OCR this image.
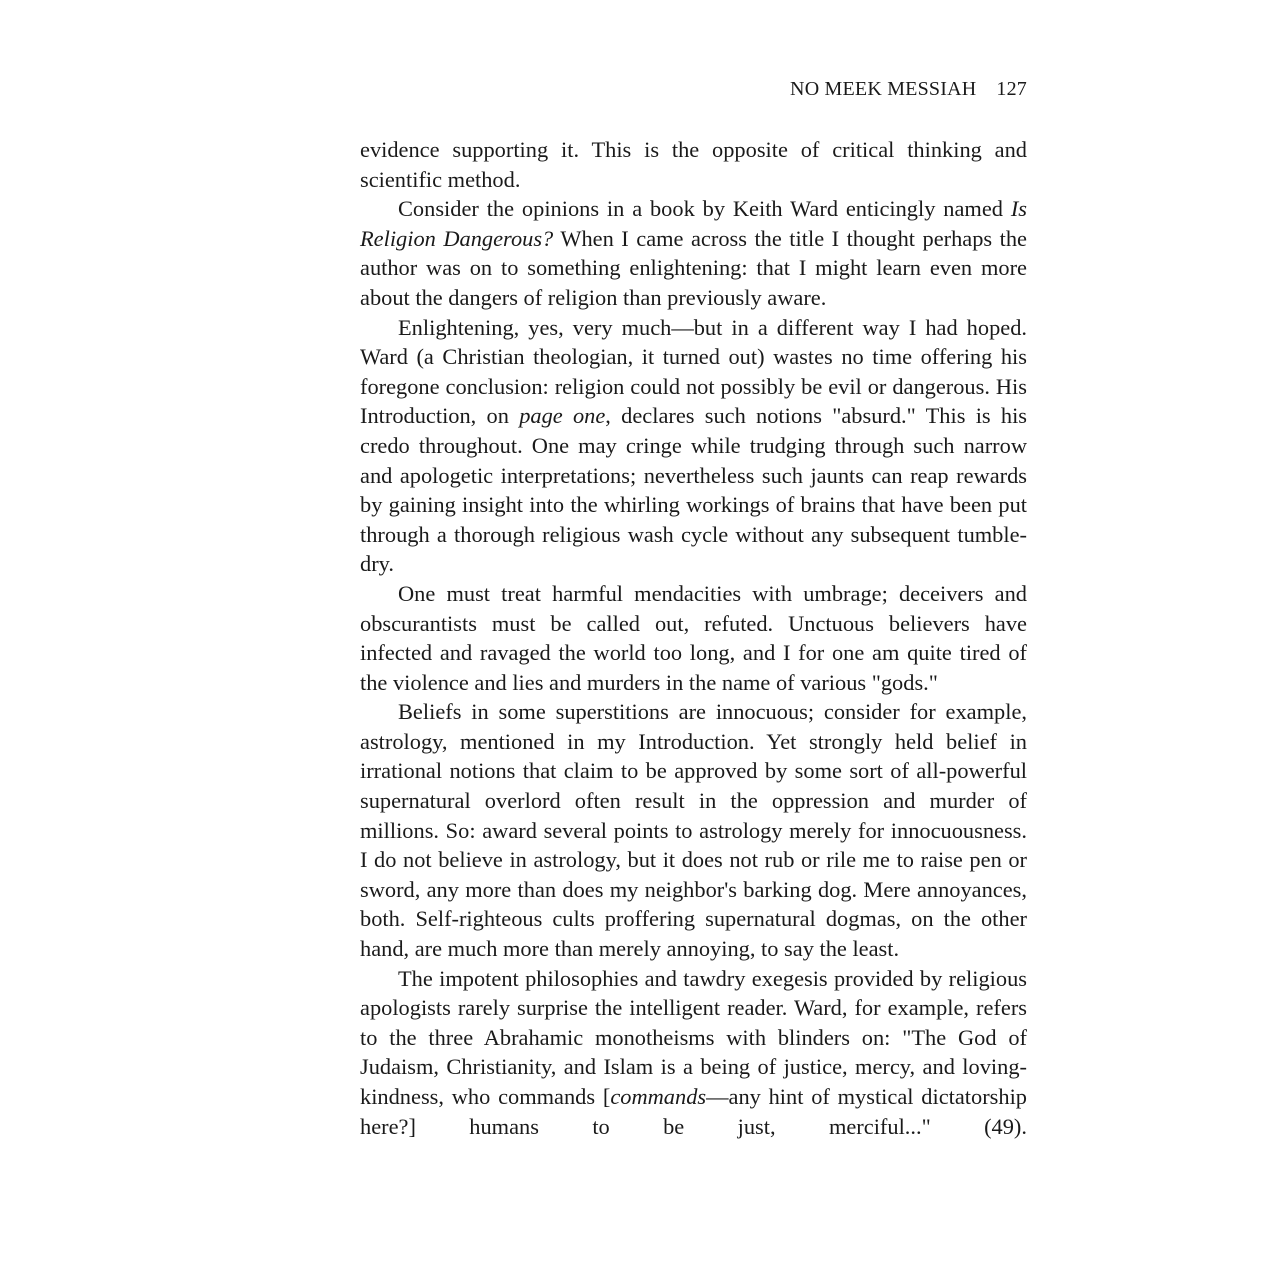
NO MEEK MESSIAH 127

evidence supporting it. This is the opposite of critical thinking and scientific method.

Consider the opinions in a book by Keith Ward enticingly named Is Religion Dangerous? When I came across the title I thought perhaps the author was on to something enlightening: that I might learn even more about the dangers of religion than previously aware.

Enlightening, yes, very much—but in a different way I had hoped. Ward (a Christian theologian, it turned out) wastes no time offering his foregone conclusion: religion could not possibly be evil or dangerous. His Introduction, on page one, declares such notions "absurd." This is his credo throughout. One may cringe while trudging through such narrow and apologetic interpretations; nevertheless such jaunts can reap rewards by gaining insight into the whirling workings of brains that have been put through a thorough religious wash cycle without any subsequent tumble-dry.

One must treat harmful mendacities with umbrage; deceivers and obscurantists must be called out, refuted. Unctuous believers have infected and ravaged the world too long, and I for one am quite tired of the violence and lies and murders in the name of various "gods."

Beliefs in some superstitions are innocuous; consider for example, astrology, mentioned in my Introduction. Yet strongly held belief in irrational notions that claim to be approved by some sort of all-powerful supernatural overlord often result in the oppression and murder of millions. So: award several points to astrology merely for innocuousness. I do not believe in astrology, but it does not rub or rile me to raise pen or sword, any more than does my neighbor's barking dog. Mere annoyances, both. Self-righteous cults proffering supernatural dogmas, on the other hand, are much more than merely annoying, to say the least.

The impotent philosophies and tawdry exegesis provided by religious apologists rarely surprise the intelligent reader. Ward, for example, refers to the three Abrahamic monotheisms with blinders on: "The God of Judaism, Christianity, and Islam is a being of justice, mercy, and loving-kindness, who commands [commands—any hint of mystical dictatorship here?] humans to be just, merciful..." (49).
